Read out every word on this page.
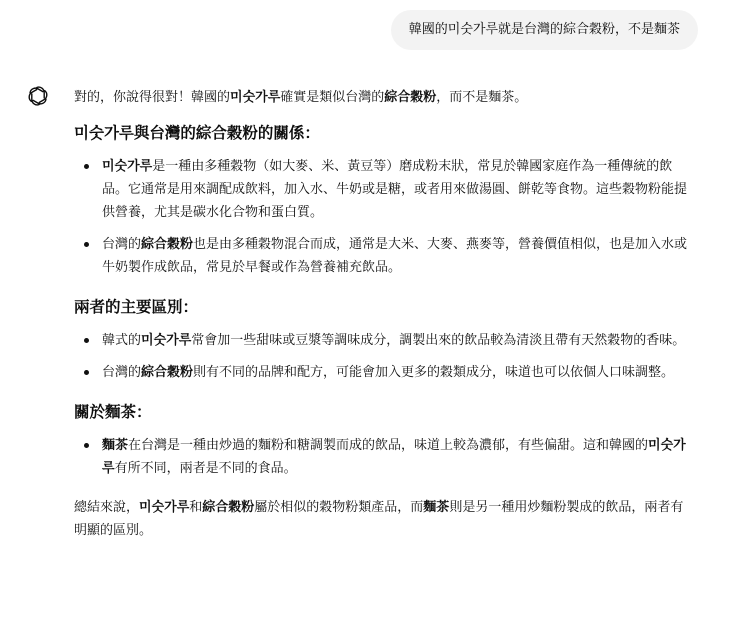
韓國的미숫가루就是台灣的綜合穀粉，不是麵茶

對的，你說得很對！韓國的미숫가루確實是類似台灣的綜合穀粉，而不是麵茶。

미숫가루與台灣的綜合穀粉的關係：
미숫가루是一種由多種穀物（如大麥、米、黃豆等）磨成粉末狀，常見於韓國家庭作為一種傳統的飲品。它通常是用來調配成飲料，加入水、牛奶或是糖，或者用來做湯圓、餅乾等食物。這些穀物粉能提供營養，尤其是碳水化合物和蛋白質。
台灣的綜合穀粉也是由多種穀物混合而成，通常是大米、大麥、燕麥等，營養價值相似，也是加入水或牛奶製作成飲品，常見於早餐或作為營養補充飲品。
兩者的主要區別：
韓式的미숫가루常會加一些甜味或豆漿等調味成分，調製出來的飲品較為清淡且帶有天然穀物的香味。
台灣的綜合穀粉則有不同的品牌和配方，可能會加入更多的穀類成分，味道也可以依個人口味調整。
關於麵茶：
麵茶在台灣是一種由炒過的麵粉和糖調製而成的飲品，味道上較為濃郁，有些偏甜。這和韓國的미숫가루有所不同，兩者是不同的食品。

總結來說，미숫가루和綜合穀粉屬於相似的穀物粉類產品，而麵茶則是另一種用炒麵粉製成的飲品，兩者有明顯的區別。
